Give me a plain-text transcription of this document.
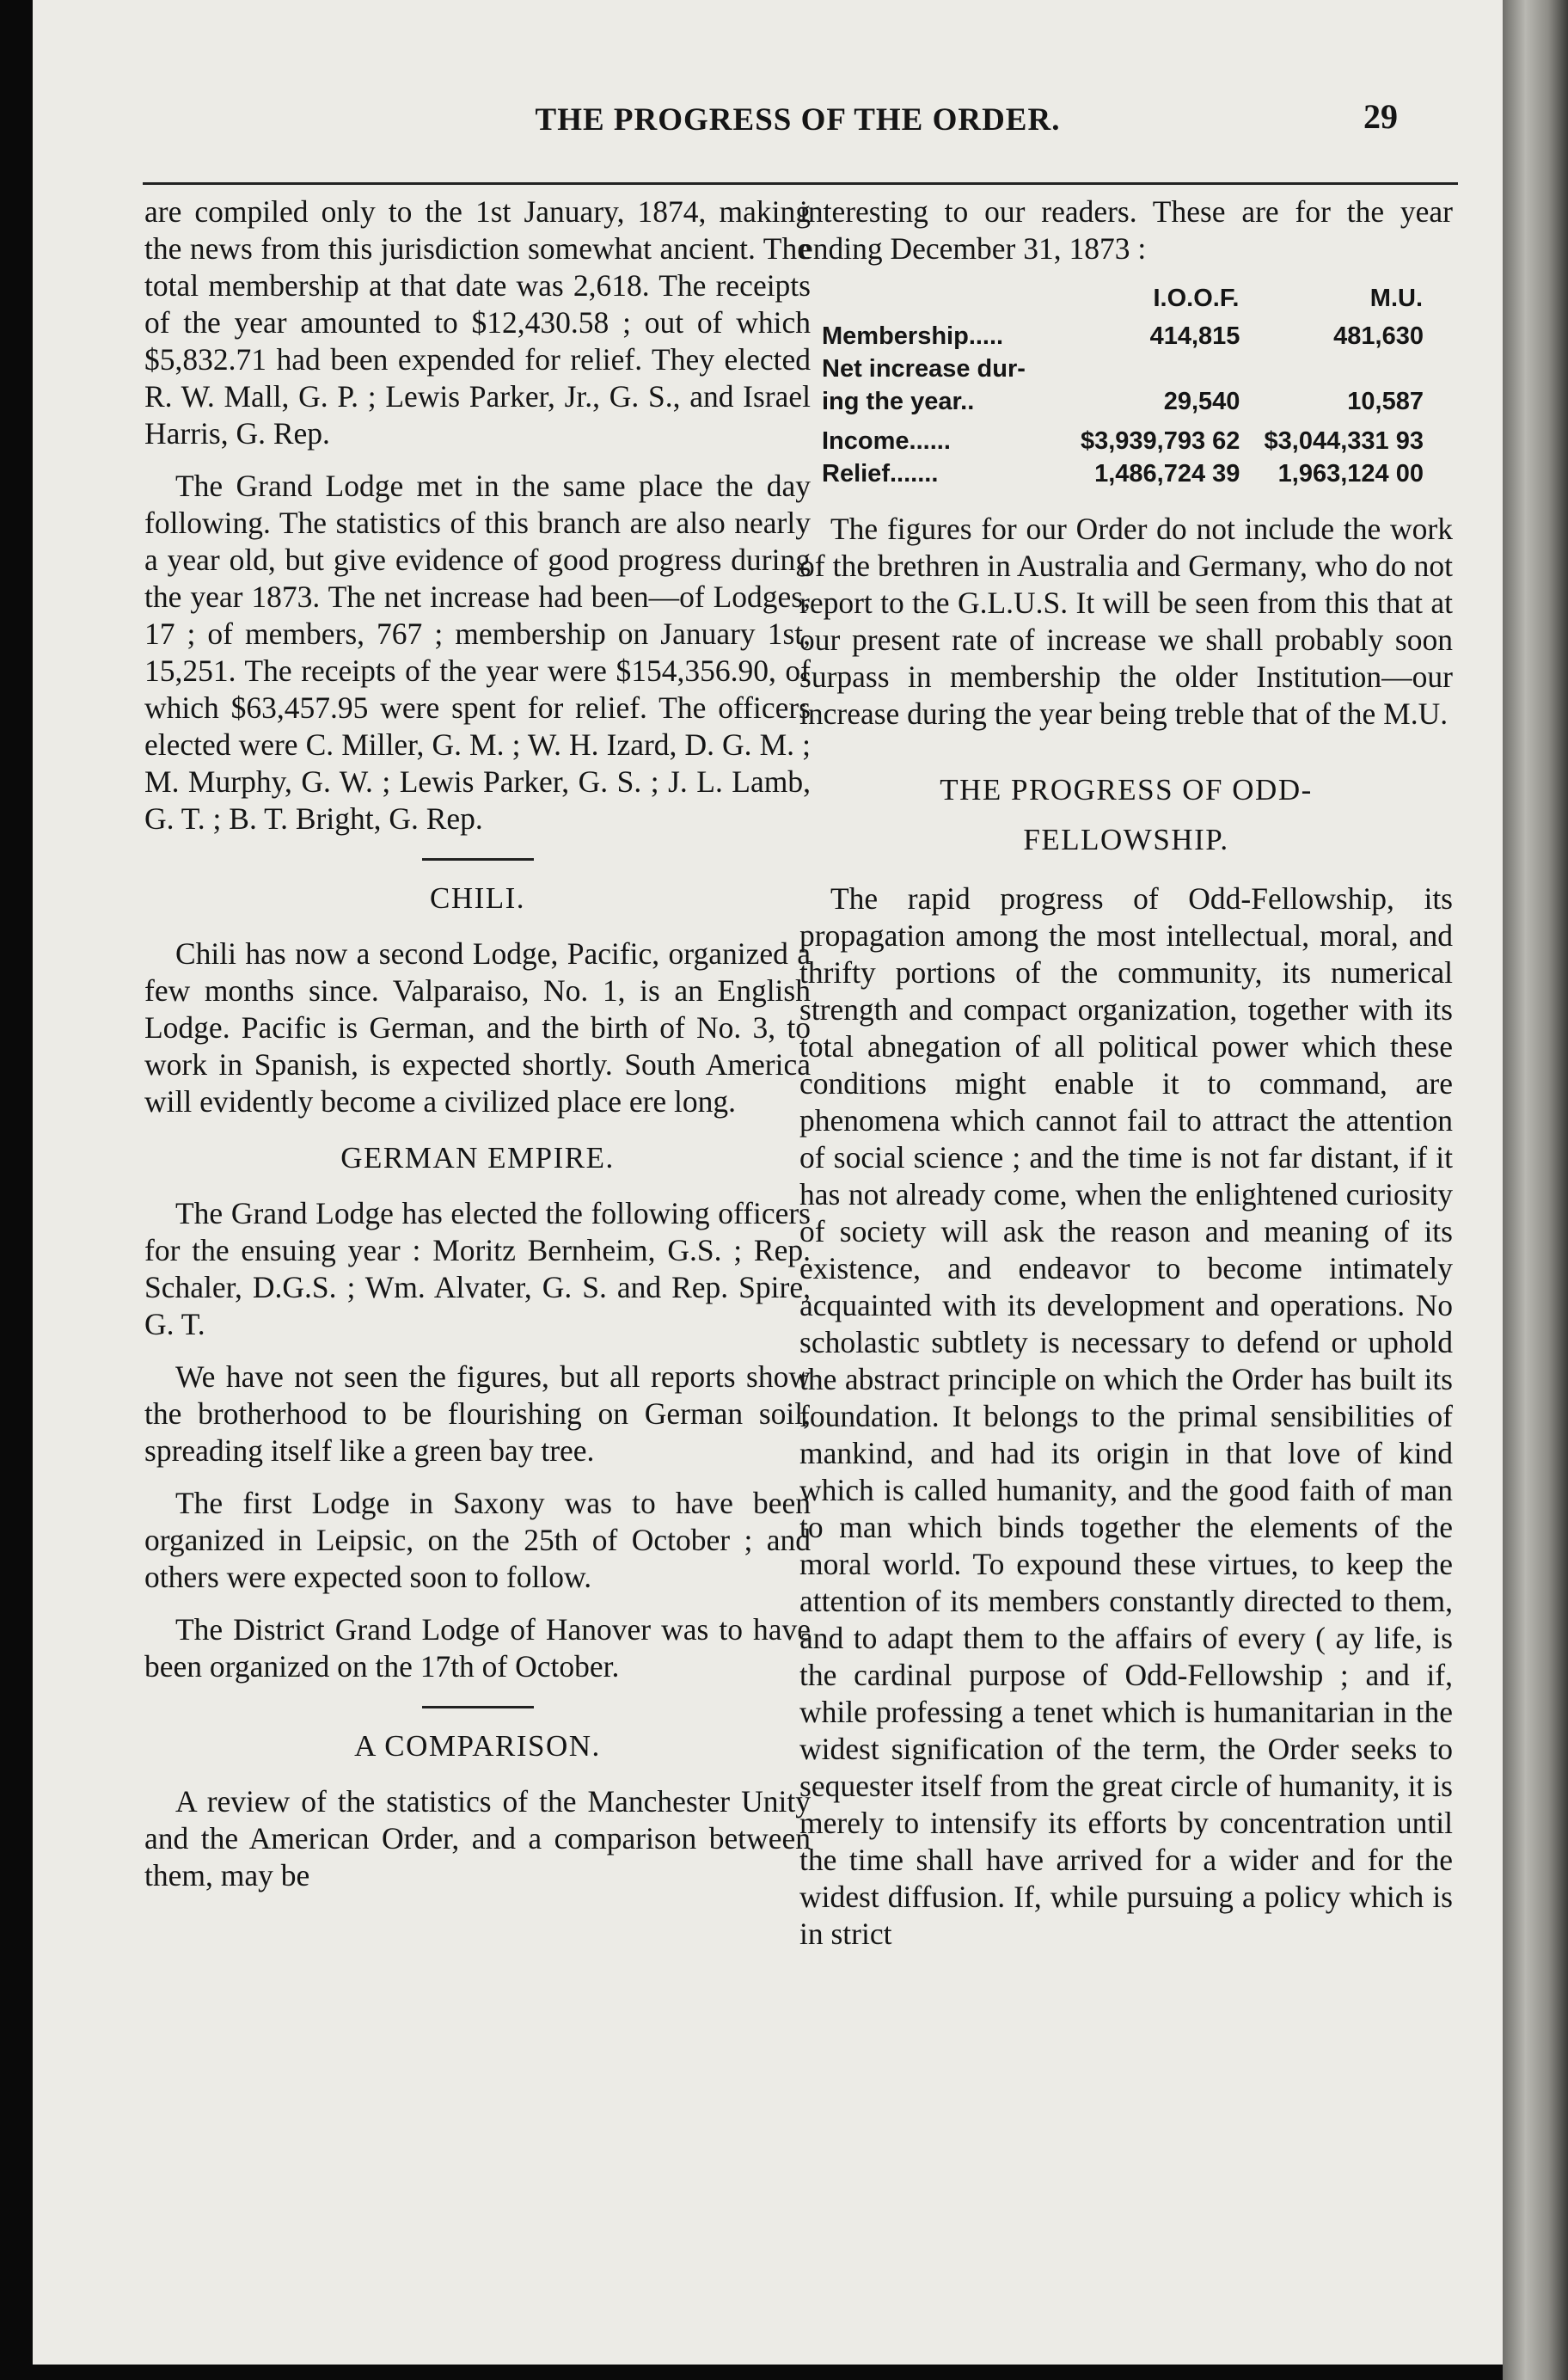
THE PROGRESS OF THE ORDER.	29

are compiled only to the 1st January, 1874, making the news from this jurisdiction somewhat ancient. The total membership at that date was 2,618. The receipts of the year amounted to $12,430.58 ; out of which $5,832.71 had been expended for relief. They elected R. W. Mall, G. P. ; Lewis Parker, Jr., G. S., and Israel Harris, G. Rep.

The Grand Lodge met in the same place the day following. The statistics of this branch are also nearly a year old, but give evidence of good progress during the year 1873. The net increase had been—of Lodges, 17 ; of members, 767 ; membership on January 1st, 15,251. The receipts of the year were $154,356.90, of which $63,457.95 were spent for relief. The officers elected were C. Miller, G. M. ; W. H. Izard, D. G. M. ; M. Murphy, G. W. ; Lewis Parker, G. S. ; J. L. Lamb, G. T. ; B. T. Bright, G. Rep.

CHILI.

Chili has now a second Lodge, Pacific, organized a few months since. Valparaiso, No. 1, is an English Lodge. Pacific is German, and the birth of No. 3, to work in Spanish, is expected shortly. South America will evidently become a civilized place ere long.

GERMAN EMPIRE.

The Grand Lodge has elected the following officers for the ensuing year : Moritz Bernheim, G.S. ; Rep. Schaler, D.G.S. ; Wm. Alvater, G. S. and Rep. Spire, G. T.

We have not seen the figures, but all reports show the brotherhood to be flourishing on German soil, spreading itself like a green bay tree.

The first Lodge in Saxony was to have been organized in Leipsic, on the 25th of October ; and others were expected soon to follow.

The District Grand Lodge of Hanover was to have been organized on the 17th of October.

A COMPARISON.

A review of the statistics of the Manchester Unity and the American Order, and a comparison between them, may be

interesting to our readers. These are for the year ending December 31, 1873 :

	I.O.O.F.	M.U.
Membership.....	414,815	481,630
Net increase dur-		
ing the year..	29,540	10,587
Income......	$3,939,793 62	$3,044,331 93
Relief.......	1,486,724 39	1,963,124 00

The figures for our Order do not include the work of the brethren in Australia and Germany, who do not report to the G.L.U.S. It will be seen from this that at our present rate of increase we shall probably soon surpass in membership the older Institution—our increase during the year being treble that of the M.U.

THE PROGRESS OF ODD-
FELLOWSHIP.

The rapid progress of Odd-Fellowship, its propagation among the most intellectual, moral, and thrifty portions of the community, its numerical strength and compact organization, together with its total abnegation of all political power which these conditions might enable it to command, are phenomena which cannot fail to attract the attention of social science ; and the time is not far distant, if it has not already come, when the enlightened curiosity of society will ask the reason and meaning of its existence, and endeavor to become intimately acquainted with its development and operations. No scholastic subtlety is necessary to defend or uphold the abstract principle on which the Order has built its foundation. It belongs to the primal sensibilities of mankind, and had its origin in that love of kind which is called humanity, and the good faith of man to man which binds together the elements of the moral world. To expound these virtues, to keep the attention of its members constantly directed to them, and to adapt them to the affairs of every ( ay life, is the cardinal purpose of Odd-Fellowship ; and if, while professing a tenet which is humanitarian in the widest signification of the term, the Order seeks to sequester itself from the great circle of humanity, it is merely to intensify its efforts by concentration until the time shall have arrived for a wider and for the widest diffusion. If, while pursuing a policy which is in strict
